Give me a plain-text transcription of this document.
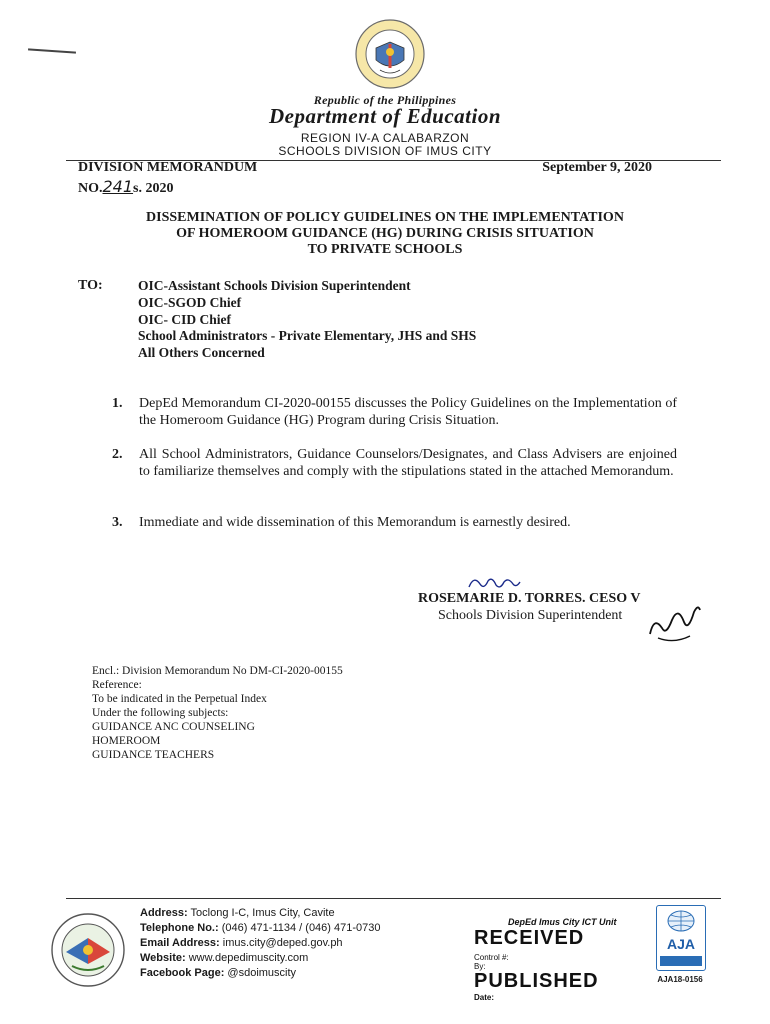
Republic of the Philippines
Department of Education
REGION IV-A CALABARZON
SCHOOLS DIVISION OF IMUS CITY
DIVISION MEMORANDUM
NO.241s. 2020
September 9, 2020
DISSEMINATION OF POLICY GUIDELINES ON THE IMPLEMENTATION
OF HOMEROOM GUIDANCE (HG) DURING CRISIS SITUATION
TO PRIVATE SCHOOLS
TO:	OIC-Assistant Schools Division Superintendent
OIC-SGOD Chief
OIC- CID Chief
School Administrators - Private Elementary, JHS and SHS
All Others Concerned
1. DepEd Memorandum CI-2020-00155 discusses the Policy Guidelines on the Implementation of the Homeroom Guidance (HG) Program during Crisis Situation.
2. All School Administrators, Guidance Counselors/Designates, and Class Advisers are enjoined to familiarize themselves and comply with the stipulations stated in the attached Memorandum.
3. Immediate and wide dissemination of this Memorandum is earnestly desired.
ROSEMARIE D. TORRES. CESO V
Schools Division Superintendent
Encl.: Division Memorandum No DM-CI-2020-00155
Reference:
To be indicated in the Perpetual Index
Under the following subjects:
GUIDANCE ANC COUNSELING
HOMEROOM
GUIDANCE TEACHERS
Address: Toclong I-C, Imus City, Cavite
Telephone No.: (046) 471-1134 / (046) 471-0730
Email Address: imus.city@deped.gov.ph
Website: www.depedimuscity.com
Facebook Page: @sdoimuscity
DepEd Imus City ICT Unit
RECEIVED
Control #:
By:
PUBLISHED
Date:
AJA
AJA18-0156
